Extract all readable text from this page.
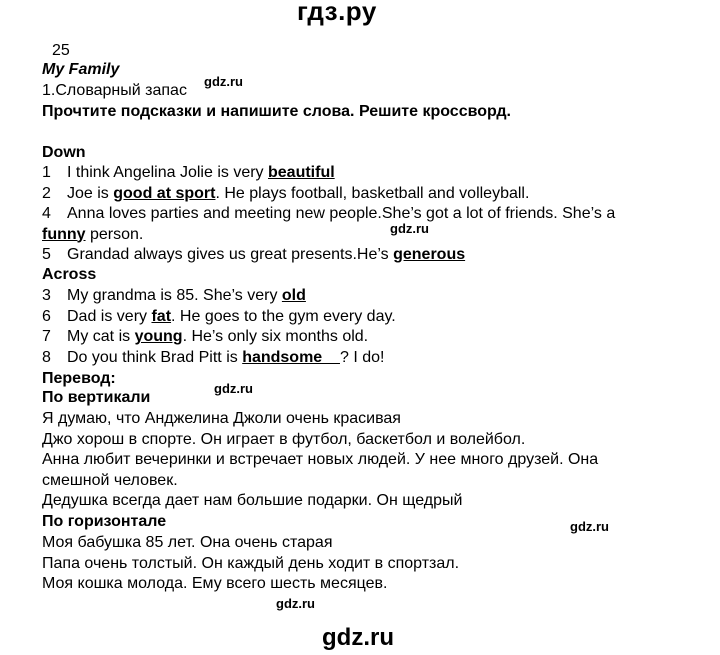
гдз.ру
25
My Family
1.Словарный запас
gdz.ru
Прочтите подсказки и напишите слова. Решите кроссворд.
Down
1 I think Angelina Jolie is very beautiful
2 Joe is good at sport. He plays football, basketball and volleyball.
4 Anna loves parties and meeting new people.She’s got a lot of friends. She’s a
funny person.
5 Grandad always gives us great presents.He’s generous
gdz.ru
Across
3 My grandma is 85. She’s very old
6 Dad is very fat. He goes to the gym every day.
7 My cat is young. He’s only six months old.
8 Do you think Brad Pitt is handsome    ? I do!
Перевод:
По вертикали
gdz.ru
Я думаю, что Анджелина Джоли очень красивая
Джо хорош в спорте. Он играет в футбол, баскетбол и волейбол.
Анна любит вечеринки и встречает новых людей. У нее много друзей. Она
смешной человек.
Дедушка всегда дает нам большие подарки. Он щедрый
По горизонтале	gdz.ru
Моя бабушка 85 лет. Она очень старая
Папа очень толстый. Он каждый день ходит в спортзал.
Моя кошка молода. Ему всего шесть месяцев.
gdz.ru
gdz.ru
